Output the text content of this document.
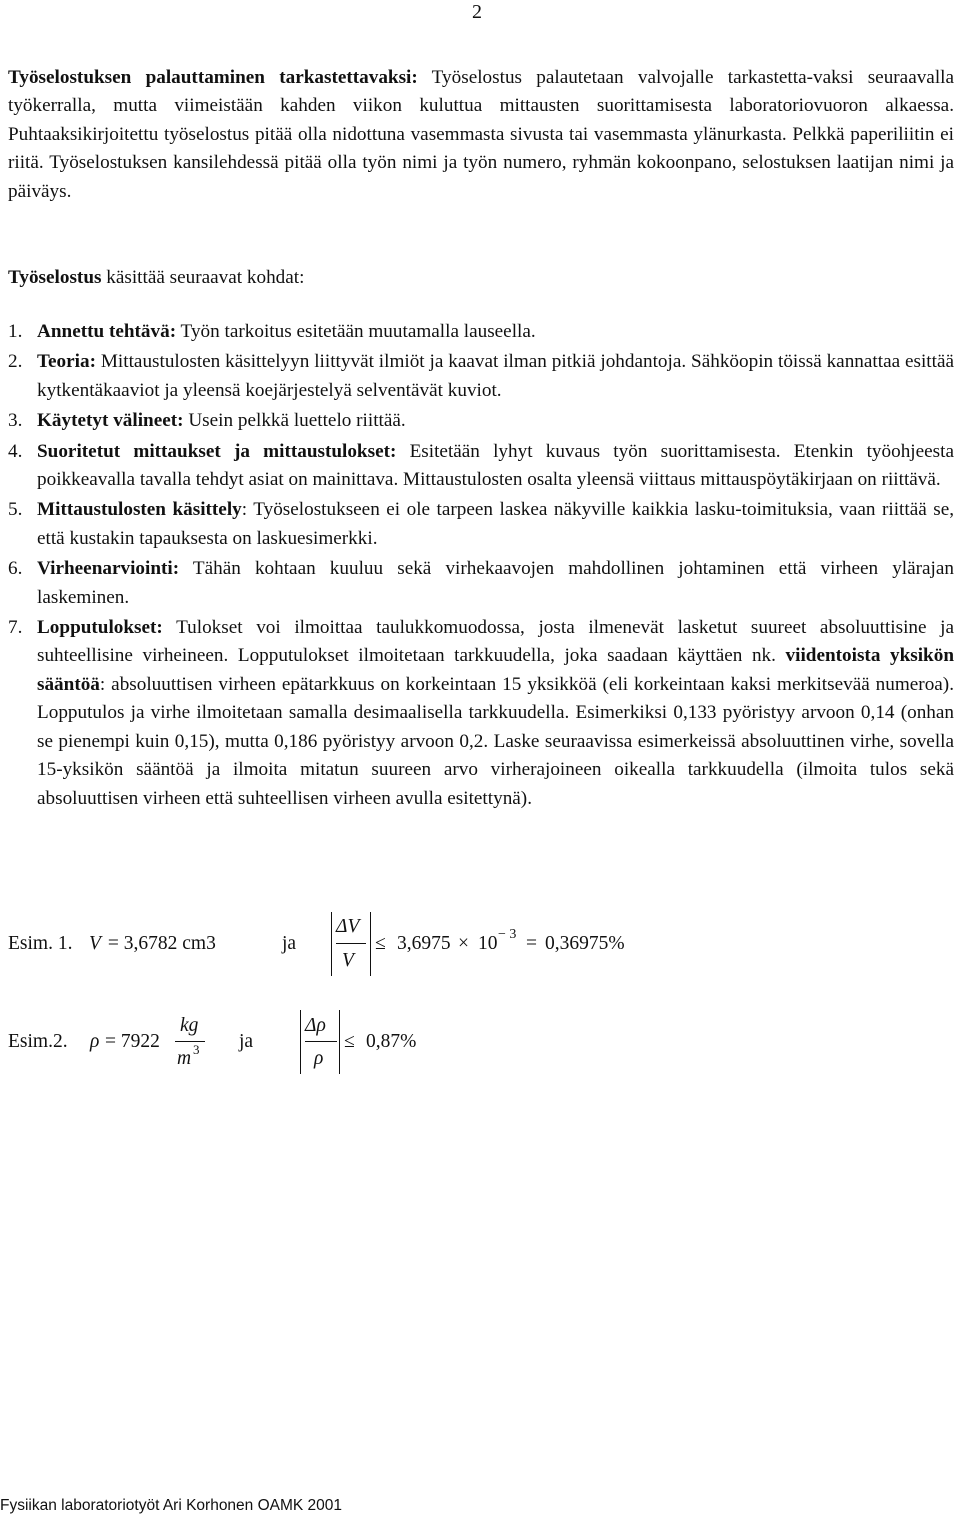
2
Työselostuksen palauttaminen tarkastettavaksi: Työselostus palautetaan valvojalle tarkastetta-vaksi seuraavalla työkerralla, mutta viimeistään kahden viikon kuluttua mittausten suorittamisesta laboratoriovuoron alkaessa. Puhtaaksikirjoitettu työselostus pitää olla nidottuna vasemmasta sivusta tai vasemmasta ylänurkasta. Pelkkä paperiliitin ei riitä. Työselostuksen kansilehdessä pitää olla työn nimi ja työn numero, ryhmän kokoonpano, selostuksen laatijan nimi ja päiväys.
Työselostus käsittää seuraavat kohdat:
1. Annettu tehtävä: Työn tarkoitus esitetään muutamalla lauseella.
2. Teoria: Mittaustulosten käsittelyyn liittyvät ilmiöt ja kaavat ilman pitkiä johdantoja. Sähköopin töissä kannattaa esittää kytkentäkaaviot ja yleensä koejärjestelyä selventävät kuviot.
3. Käytetyt välineet: Usein pelkkä luettelo riittää.
4. Suoritetut mittaukset ja mittaustulokset: Esitetään lyhyt kuvaus työn suorittamisesta. Etenkin työohjeesta poikkeavalla tavalla tehdyt asiat on mainittava. Mittaustulosten osalta yleensä viittaus mittauspöytäkirjaan on riittävä.
5. Mittaustulosten käsittely: Työselostukseen ei ole tarpeen laskea näkyville kaikkia lasku-toimituksia, vaan riittää se, että kustakin tapauksesta on laskuesimerkki.
6. Virheenarviointi: Tähän kohtaan kuuluu sekä virhekaavojen mahdollinen johtaminen että virheen ylärajan laskeminen.
7. Lopputulokset: Tulokset voi ilmoittaa taulukkomuodossa, josta ilmenevät lasketut suureet absoluuttisine ja suhteellisine virheineen. Lopputulokset ilmoitetaan tarkkuudella, joka saadaan käyttäen nk. viidentoista yksikön sääntöä: absoluuttisen virheen epätarkkuus on korkeintaan 15 yksikköä (eli korkeintaan kaksi merkitsevää numeroa). Lopputulos ja virhe ilmoitetaan samalla desimaalisella tarkkuudella. Esimerkiksi 0,133 pyöristyy arvoon 0,14 (onhan se pienempi kuin 0,15), mutta 0,186 pyöristyy arvoon 0,2. Laske seuraavissa esimerkeissä absoluuttinen virhe, sovella 15-yksikön sääntöä ja ilmoita mitatun suureen arvo virherajoineen oikealla tarkkuudella (ilmoita tulos sekä absoluuttisen virheen että suhteellisen virheen avulla esitettynä).
Esim. 1. V = 3,6782 cm3	ja
ΔV
V
≤ 3,6975 × 10 − 3 = 0,36975%
Esim.2. ρ = 7922
kg
m 3 ja
Δρ
ρ
≤ 0,87%
Fysiikan laboratoriotyöt Ari Korhonen OAMK 2001
